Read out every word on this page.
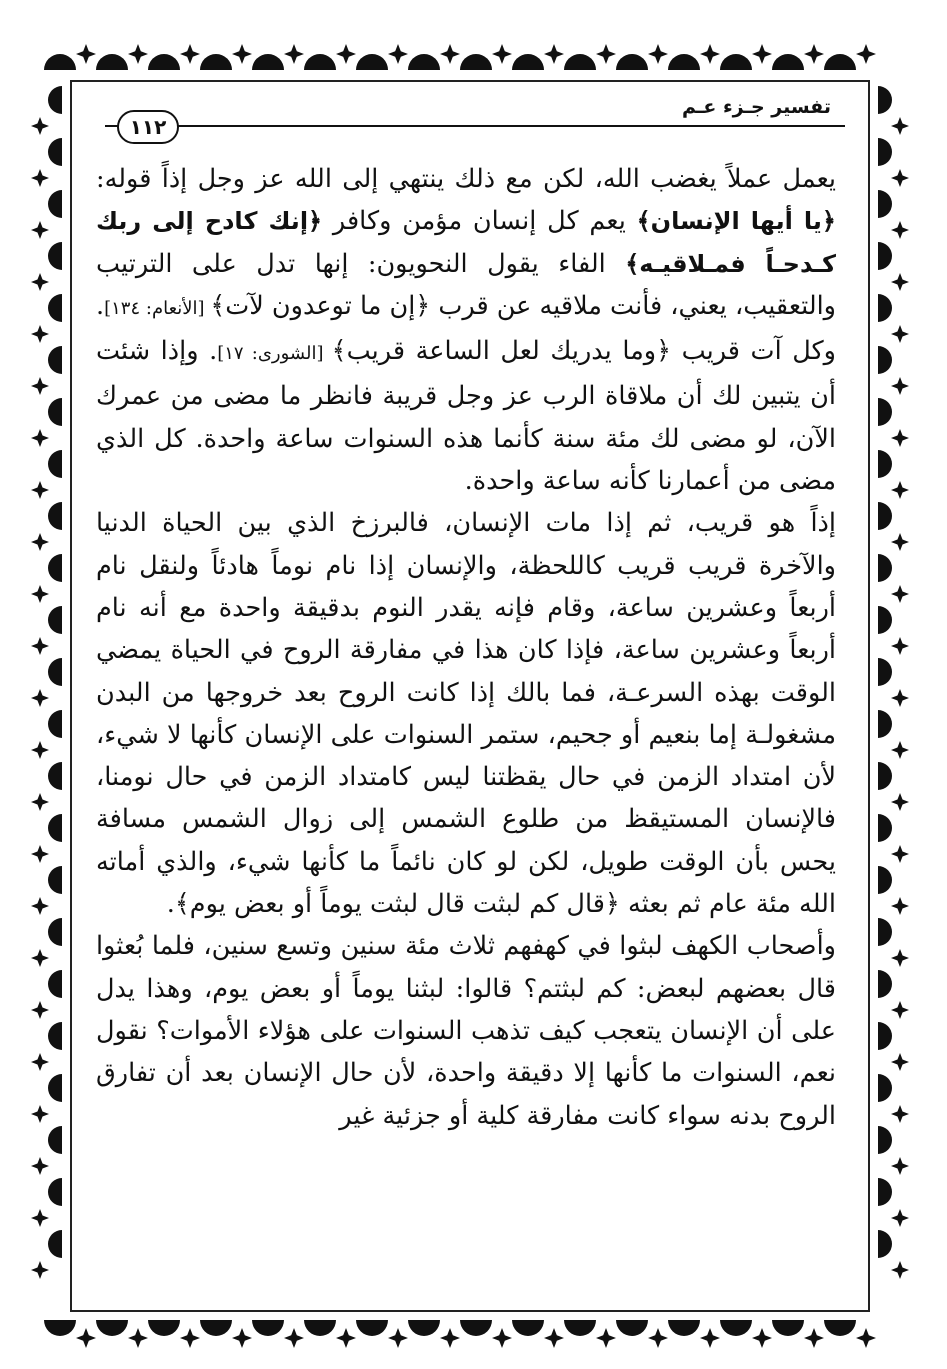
تفسير جـزء عـم
١١٢

يعمل عملاً يغضب الله، لكن مع ذلك ينتهي إلى الله عز وجل إذاً قوله: ﴿يا أيها الإنسان﴾ يعم كل إنسان مؤمن وكافر ﴿إنك كادح إلى ربك كـدحـاً فمـلاقيـه﴾ الفاء يقول النحويون: إنها تدل على الترتيب والتعقيب، يعني، فأنت ملاقيه عن قرب ﴿إن ما توعدون لآت﴾ [الأنعام: ١٣٤]. وكل آت قريب ﴿وما يدريك لعل الساعة قريب﴾ [الشورى: ١٧]. وإذا شئت أن يتبين لك أن ملاقاة الرب عز وجل قريبة فانظر ما مضى من عمرك الآن، لو مضى لك مئة سنة كأنما هذه السنوات ساعة واحدة. كل الذي مضى من أعمارنا كأنه ساعة واحدة.

إذاً هو قريب، ثم إذا مات الإنسان، فالبرزخ الذي بين الحياة الدنيا والآخرة قريب قريب كاللحظة، والإنسان إذا نام نوماً هادئاً ولنقل نام أربعاً وعشرين ساعة، وقام فإنه يقدر النوم بدقيقة واحدة مع أنه نام أربعاً وعشرين ساعة، فإذا كان هذا في مفارقة الروح في الحياة يمضي الوقت بهذه السرعـة، فما بالك إذا كانت الروح بعد خروجها من البدن مشغولـة إما بنعيم أو جحيم، ستمر السنوات على الإنسان كأنها لا شيء، لأن امتداد الزمن في حال يقظتنا ليس كامتداد الزمن في حال نومنا، فالإنسان المستيقظ من طلوع الشمس إلى زوال الشمس مسافة يحس بأن الوقت طويل، لكن لو كان نائماً ما كأنها شيء، والذي أماته الله مئة عام ثم بعثه ﴿قال كم لبثت قال لبثت يوماً أو بعض يوم﴾.

وأصحاب الكهف لبثوا في كهفهم ثلاث مئة سنين وتسع سنين، فلما بُعثوا قال بعضهم لبعض: كم لبثتم؟ قالوا: لبثنا يوماً أو بعض يوم، وهذا يدل على أن الإنسان يتعجب كيف تذهب السنوات على هؤلاء الأموات؟ نقول نعم، السنوات ما كأنها إلا دقيقة واحدة، لأن حال الإنسان بعد أن تفارق الروح بدنه سواء كانت مفارقة كلية أو جزئية غير
